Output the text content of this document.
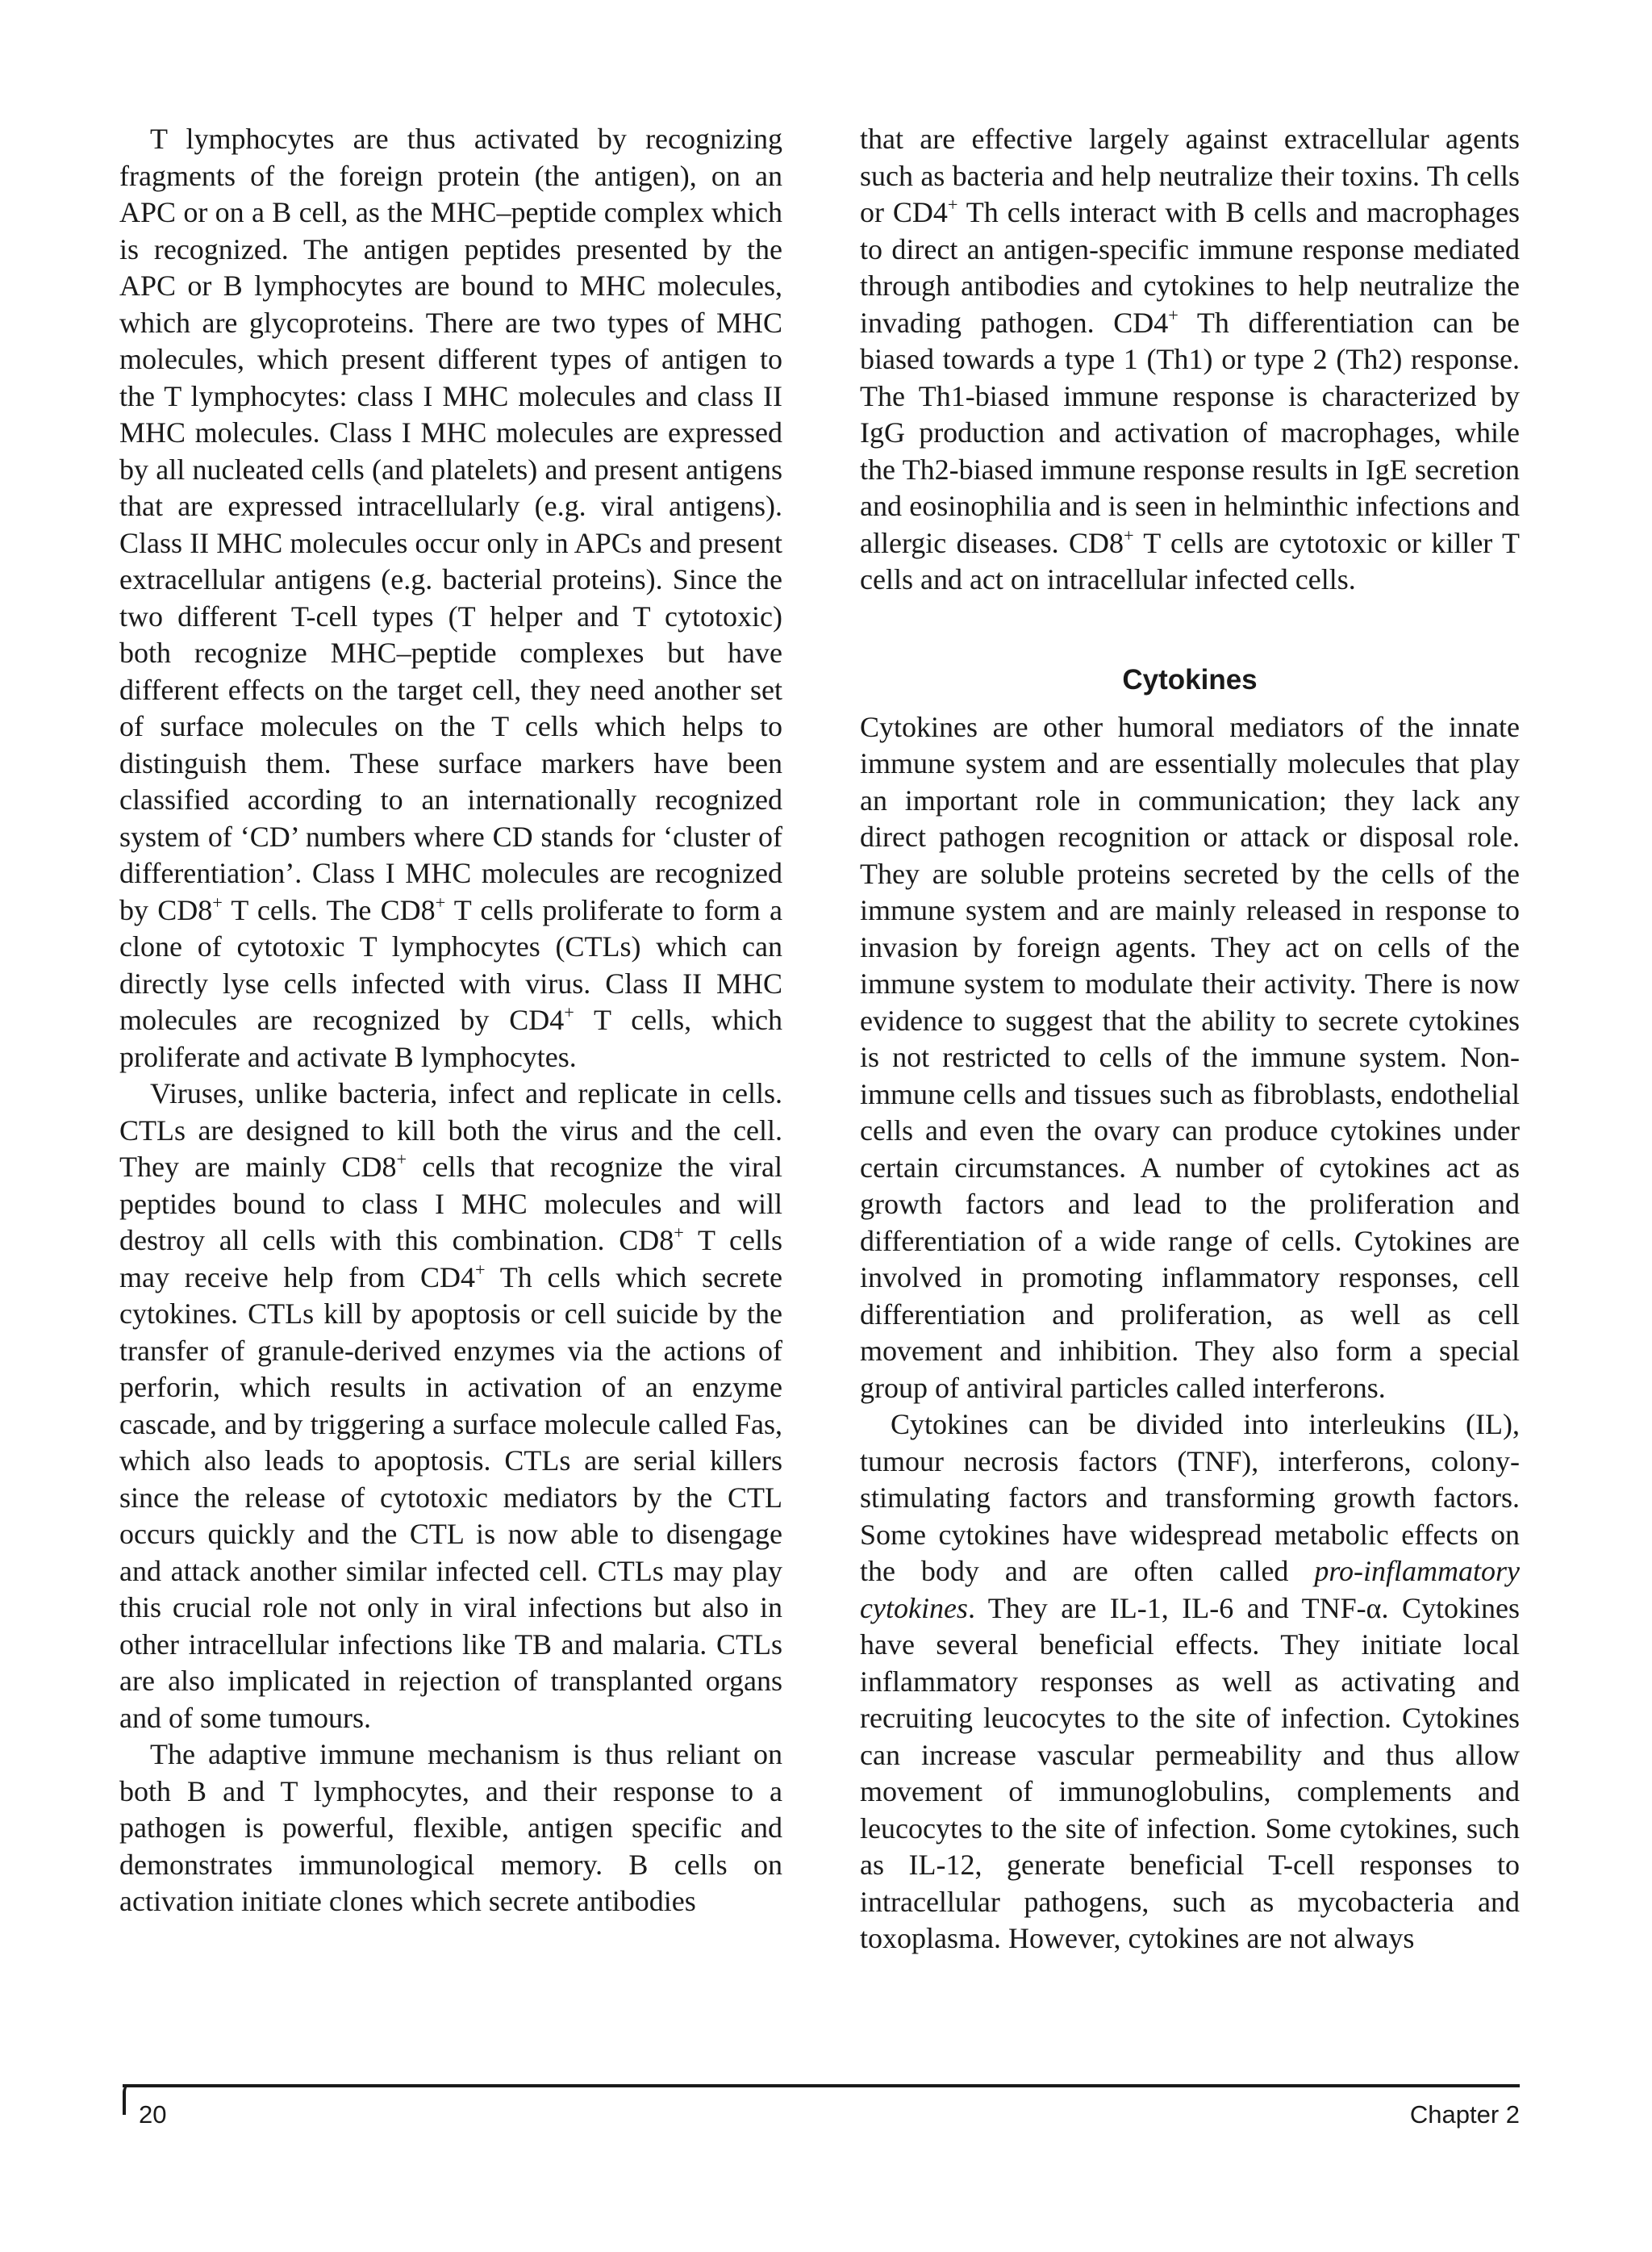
T lymphocytes are thus activated by recognizing fragments of the foreign protein (the antigen), on an APC or on a B cell, as the MHC–peptide complex which is recognized. The antigen peptides presented by the APC or B lymphocytes are bound to MHC molecules, which are glycoproteins. There are two types of MHC molecules, which present different types of antigen to the T lymphocytes: class I MHC molecules and class II MHC molecules. Class I MHC molecules are expressed by all nucleated cells (and platelets) and present antigens that are expressed intracellularly (e.g. viral antigens). Class II MHC molecules occur only in APCs and present extracellular antigens (e.g. bacterial proteins). Since the two different T-cell types (T helper and T cytotoxic) both recognize MHC–peptide complexes but have different effects on the target cell, they need another set of surface molecules on the T cells which helps to distinguish them. These surface markers have been classified according to an internationally recognized system of ‘CD’ numbers where CD stands for ‘cluster of differentiation’. Class I MHC molecules are recognized by CD8+ T cells. The CD8+ T cells proliferate to form a clone of cytotoxic T lymphocytes (CTLs) which can directly lyse cells infected with virus. Class II MHC molecules are recognized by CD4+ T cells, which proliferate and activate B lymphocytes.

Viruses, unlike bacteria, infect and replicate in cells. CTLs are designed to kill both the virus and the cell. They are mainly CD8+ cells that recognize the viral peptides bound to class I MHC molecules and will destroy all cells with this combination. CD8+ T cells may receive help from CD4+ Th cells which secrete cytokines. CTLs kill by apoptosis or cell suicide by the transfer of granule-derived enzymes via the actions of perforin, which results in activation of an enzyme cascade, and by triggering a surface molecule called Fas, which also leads to apoptosis. CTLs are serial killers since the release of cytotoxic mediators by the CTL occurs quickly and the CTL is now able to disengage and attack another similar infected cell. CTLs may play this crucial role not only in viral infections but also in other intracellular infections like TB and malaria. CTLs are also implicated in rejection of transplanted organs and of some tumours.

The adaptive immune mechanism is thus reliant on both B and T lymphocytes, and their response to a pathogen is powerful, flexible, antigen specific and demonstrates immunological memory. B cells on activation initiate clones which secrete antibodies

that are effective largely against extracellular agents such as bacteria and help neutralize their toxins. Th cells or CD4+ Th cells interact with B cells and macrophages to direct an antigen-specific immune response mediated through antibodies and cytokines to help neutralize the invading pathogen. CD4+ Th differentiation can be biased towards a type 1 (Th1) or type 2 (Th2) response. The Th1-biased immune response is characterized by IgG production and activation of macrophages, while the Th2-biased immune response results in IgE secretion and eosinophilia and is seen in helminthic infections and allergic diseases. CD8+ T cells are cytotoxic or killer T cells and act on intracellular infected cells.

Cytokines

Cytokines are other humoral mediators of the innate immune system and are essentially molecules that play an important role in communication; they lack any direct pathogen recognition or attack or disposal role. They are soluble proteins secreted by the cells of the immune system and are mainly released in response to invasion by foreign agents. They act on cells of the immune system to modulate their activity. There is now evidence to suggest that the ability to secrete cytokines is not restricted to cells of the immune system. Non-immune cells and tissues such as fibroblasts, endothelial cells and even the ovary can produce cytokines under certain circumstances. A number of cytokines act as growth factors and lead to the proliferation and differentiation of a wide range of cells. Cytokines are involved in promoting inflammatory responses, cell differentiation and proliferation, as well as cell movement and inhibition. They also form a special group of antiviral particles called interferons.

Cytokines can be divided into interleukins (IL), tumour necrosis factors (TNF), interferons, colony-stimulating factors and transforming growth factors. Some cytokines have widespread metabolic effects on the body and are often called pro-inflammatory cytokines. They are IL-1, IL-6 and TNF-α. Cytokines have several beneficial effects. They initiate local inflammatory responses as well as activating and recruiting leucocytes to the site of infection. Cytokines can increase vascular permeability and thus allow movement of immunoglobulins, complements and leucocytes to the site of infection. Some cytokines, such as IL-12, generate beneficial T-cell responses to intracellular pathogens, such as mycobacteria and toxoplasma. However, cytokines are not always

20	Chapter 2
